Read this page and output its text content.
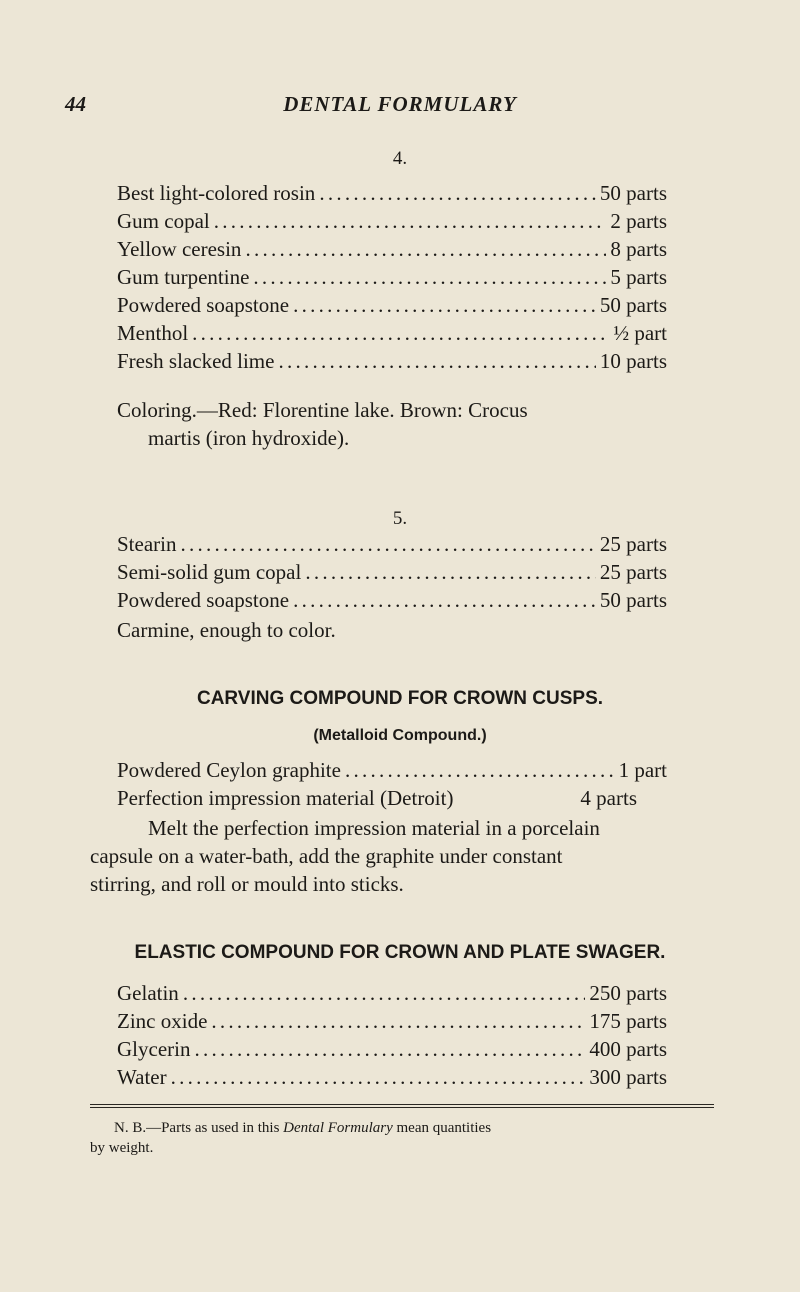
44	DENTAL FORMULARY
4.
Best light-colored rosin . . .	50 parts
Gum copal . . .	2 parts
Yellow ceresin . . .	8 parts
Gum turpentine . . .	5 parts
Powdered soapstone . . .	50 parts
Menthol . . .	½ part
Fresh slacked lime . . .	10 parts
Coloring.—Red: Florentine lake. Brown: Crocus
martis (iron hydroxide).
5.
Stearin . . .	25 parts
Semi-solid gum copal . . .	25 parts
Powdered soapstone . . .	50 parts
Carmine, enough to color.
CARVING COMPOUND FOR CROWN CUSPS.
(Metalloid Compound.)
Powdered Ceylon graphite . . .	1 part
Perfection impression material (Detroit)	4 parts
Melt the perfection impression material in a porcelain
capsule on a water-bath, add the graphite under constant
stirring, and roll or mould into sticks.
ELASTIC COMPOUND FOR CROWN AND PLATE SWAGER.
Gelatin . . .	250 parts
Zinc oxide . . .	175 parts
Glycerin . . .	400 parts
Water . . .	300 parts
N. B.—Parts as used in this Dental Formulary mean quantities
by weight.
